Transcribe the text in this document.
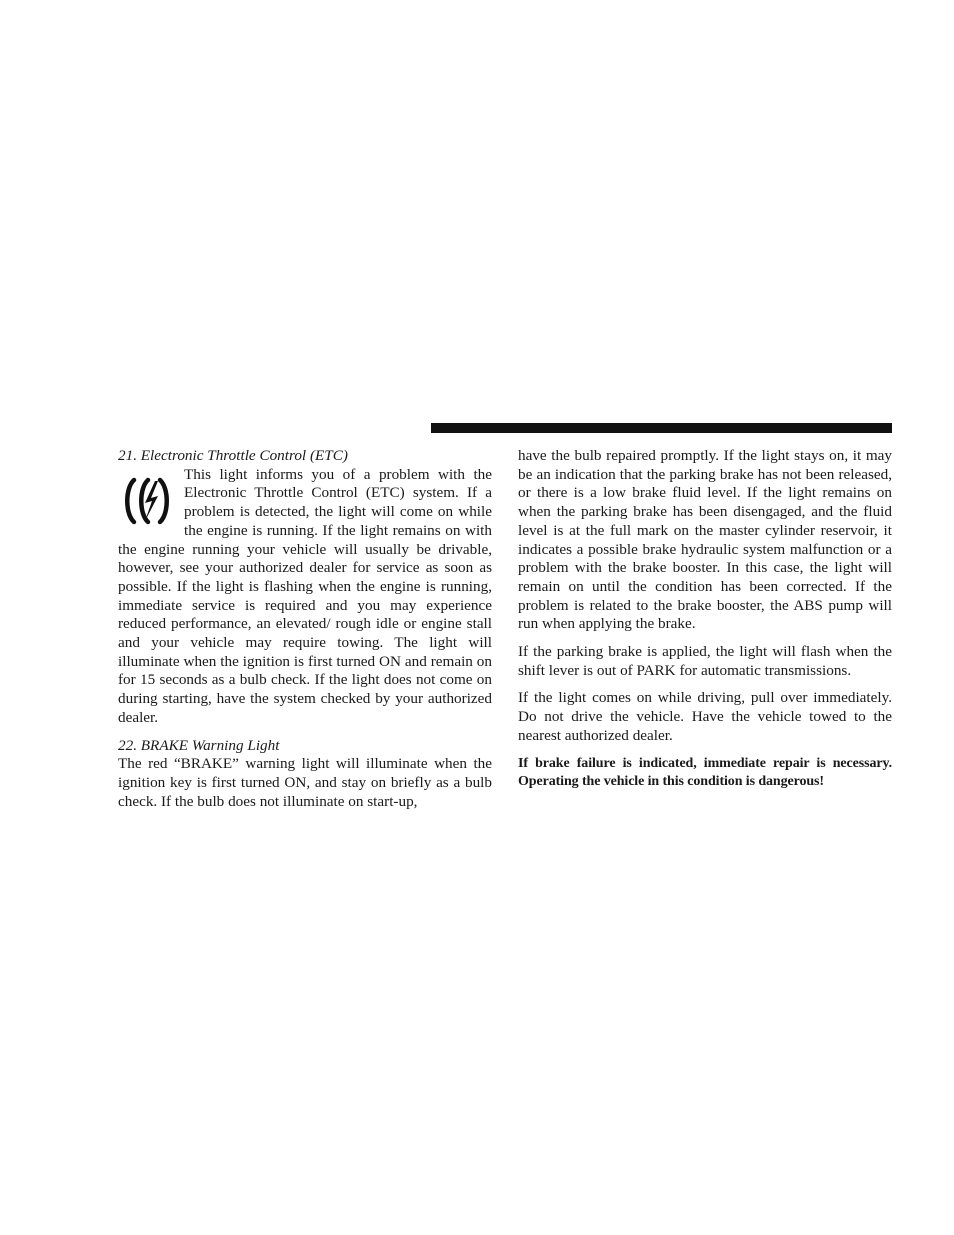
21. Electronic Throttle Control (ETC)

This light informs you of a problem with the Electronic Throttle Control (ETC) system. If a problem is detected, the light will come on while the engine is running. If the light remains on with the engine running your vehicle will usually be drivable, however, see your authorized dealer for service as soon as possible. If the light is flashing when the engine is running, immediate service is required and you may experience reduced performance, an elevated/ rough idle or engine stall and your vehicle may require towing. The light will illuminate when the ignition is first turned ON and remain on for 15 seconds as a bulb check. If the light does not come on during starting, have the system checked by your authorized dealer.

22. BRAKE Warning Light

The red “BRAKE” warning light will illuminate when the ignition key is first turned ON, and stay on briefly as a bulb check. If the bulb does not illuminate on start-up,

have the bulb repaired promptly. If the light stays on, it may be an indication that the parking brake has not been released, or there is a low brake fluid level. If the light remains on when the parking brake has been disengaged, and the fluid level is at the full mark on the master cylinder reservoir, it indicates a possible brake hydraulic system malfunction or a problem with the brake booster. In this case, the light will remain on until the condition has been corrected. If the problem is related to the brake booster, the ABS pump will run when applying the brake.

If the parking brake is applied, the light will flash when the shift lever is out of PARK for automatic transmissions.

If the light comes on while driving, pull over immediately. Do not drive the vehicle. Have the vehicle towed to the nearest authorized dealer.

If brake failure is indicated, immediate repair is necessary. Operating the vehicle in this condition is dangerous!
